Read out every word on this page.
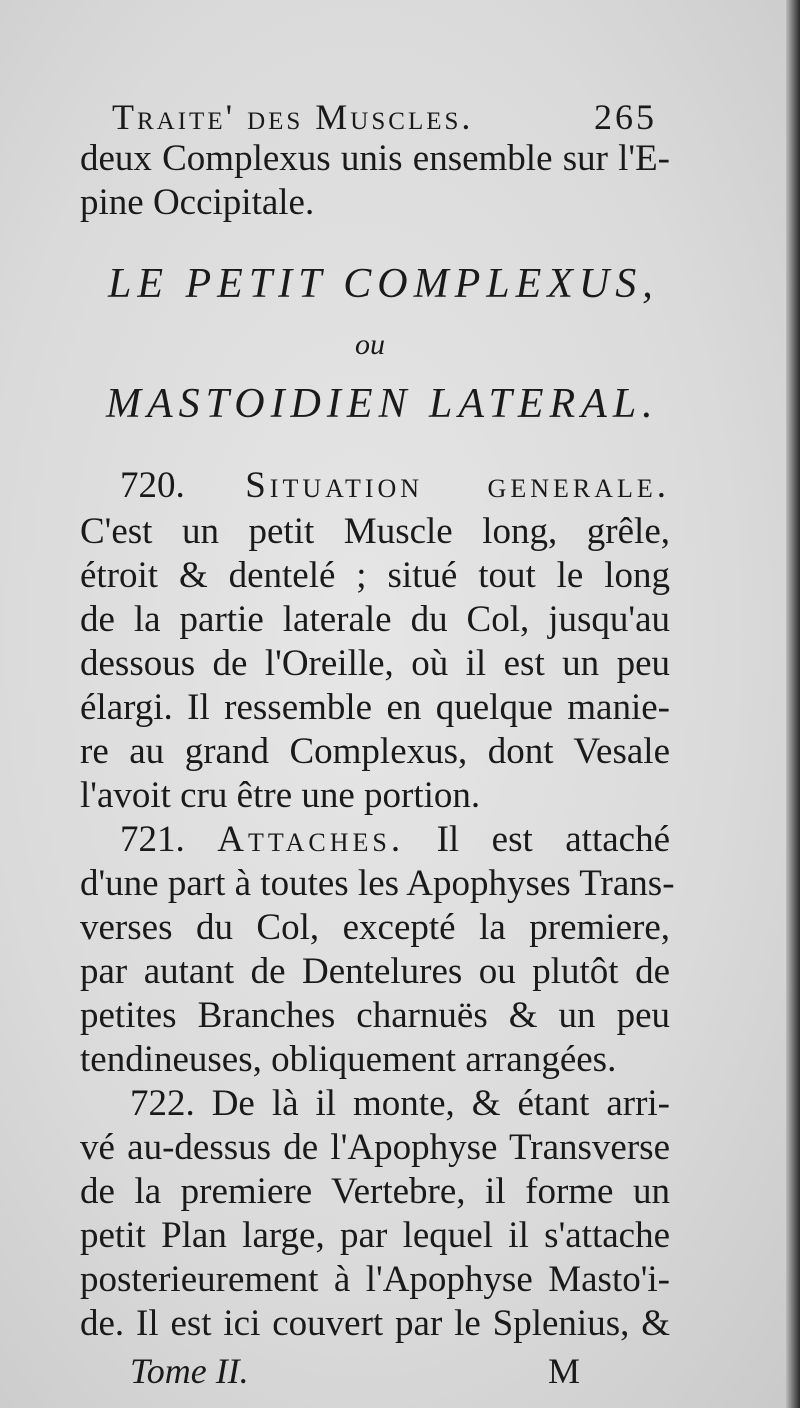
Traite' des Muscles.	265
deux Complexus unis ensemble sur l'E-
pine Occipitale.
LE PETIT COMPLEXUS,
ou
MASTOIDIEN LATERAL.
720. Situation generale.
C'est un petit Muscle long, grêle,
étroit & dentelé ; situé tout le long
de la partie laterale du Col, jusqu'au
dessous de l'Oreille, où il est un peu
élargi. Il ressemble en quelque manie-
re au grand Complexus, dont Vesale
l'avoit cru être une portion.
721. Attaches. Il est attaché
d'une part à toutes les Apophyses Trans-
verses du Col, excepté la premiere,
par autant de Dentelures ou plutôt de
petites Branches charnuës & un peu
tendineuses, obliquement arrangées.
722. De là il monte, & étant arri-
vé au-dessus de l'Apophyse Transverse
de la premiere Vertebre, il forme un
petit Plan large, par lequel il s'attache
posterieurement à l'Apophyse Masto'i-
de. Il est ici couvert par le Splenius, &
Tome II.	M
